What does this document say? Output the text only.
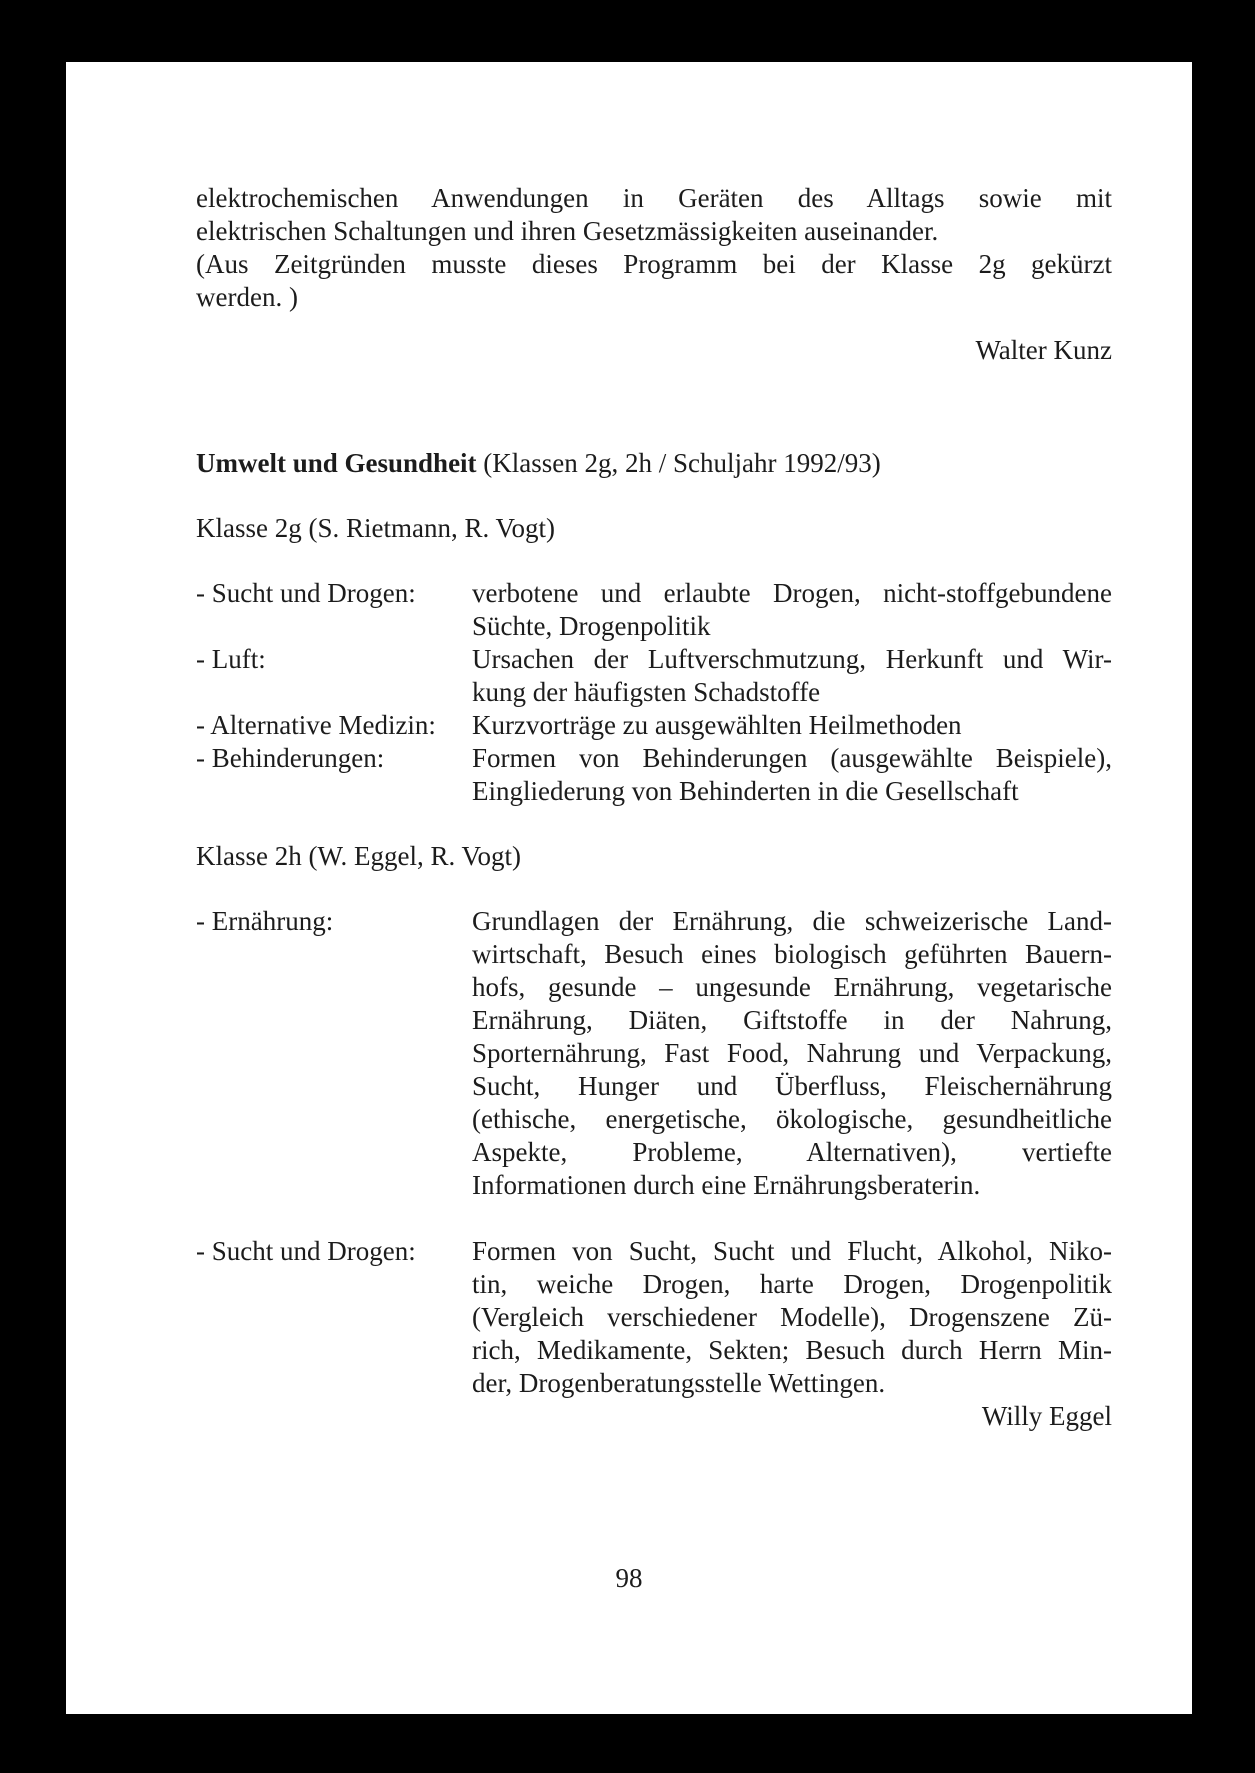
elektrochemischen Anwendungen in Geräten des Alltags sowie mit

elektrischen Schaltungen und ihren Gesetzmässigkeiten auseinander.

(Aus Zeitgründen musste dieses Programm bei der Klasse 2g gekürzt

werden. )

Walter Kunz

Umwelt und Gesundheit (Klassen 2g, 2h / Schuljahr 1992/93)

Klasse 2g (S. Rietmann, R. Vogt)

- Sucht und Drogen:	verbotene und erlaubte Drogen, nicht-stoffgebundene
Süchte, Drogenpolitik
- Luft:	Ursachen der Luftverschmutzung, Herkunft und Wir-
kung der häufigsten Schadstoffe
- Alternative Medizin:	Kurzvorträge zu ausgewählten Heilmethoden
- Behinderungen:	Formen von Behinderungen (ausgewählte Beispiele),
Eingliederung von Behinderten in die Gesellschaft

Klasse 2h (W. Eggel, R. Vogt)

- Ernährung:	Grundlagen der Ernährung, die schweizerische Land-
wirtschaft, Besuch eines biologisch geführten Bauern-
hofs, gesunde – ungesunde Ernährung, vegetarische
Ernährung, Diäten, Giftstoffe in der Nahrung,
Sporternährung, Fast Food, Nahrung und Verpackung,
Sucht, Hunger und Überfluss, Fleischernährung
(ethische, energetische, ökologische, gesundheitliche
Aspekte, Probleme, Alternativen), vertiefte
Informationen durch eine Ernährungsberaterin.
- Sucht und Drogen:	Formen von Sucht, Sucht und Flucht, Alkohol, Niko-
tin, weiche Drogen, harte Drogen, Drogenpolitik
(Vergleich verschiedener Modelle), Drogenszene Zü-
rich, Medikamente, Sekten; Besuch durch Herrn Min-
der, Drogenberatungsstelle Wettingen.

Willy Eggel

98
